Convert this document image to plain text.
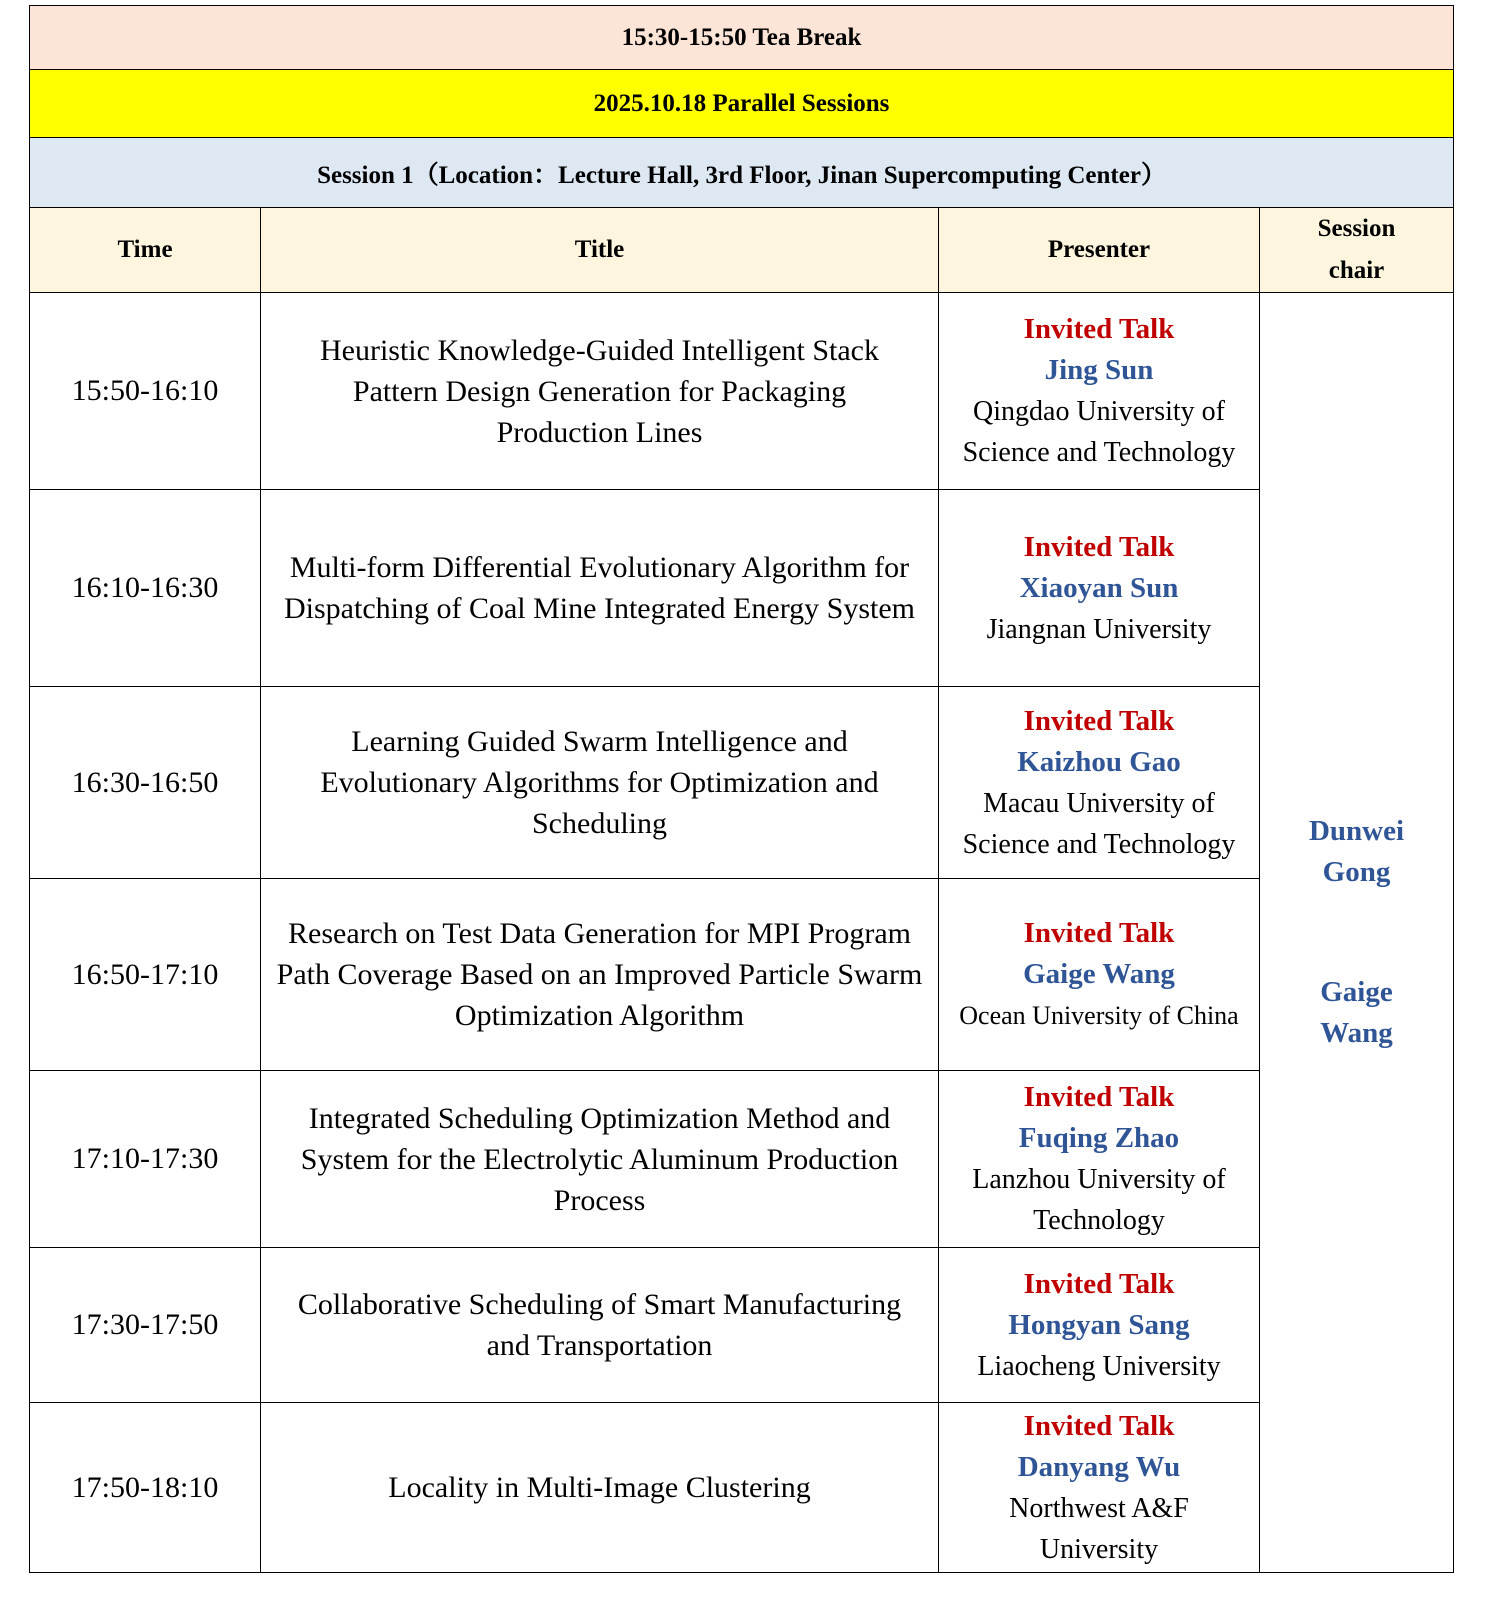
15:30-15:50 Tea Break			
2025.10.18 Parallel Sessions			
Session 1（Location：Lecture Hall, 3rd Floor, Jinan Supercomputing Center）			
Time	Title	Presenter	Session
chair

15:50-16:10	Heuristic Knowledge-Guided Intelligent Stack Pattern Design Generation for Packaging Production Lines	Invited Talk
Jing Sun
Qingdao University of Science and Technology	Dunwei
Gong
Gaige
Wang

16:10-16:30	Multi-form Differential Evolutionary Algorithm for Dispatching of Coal Mine Integrated Energy System	Invited Talk
Xiaoyan Sun
Jiangnan University	

16:30-16:50	Learning Guided Swarm Intelligence and Evolutionary Algorithms for Optimization and Scheduling	Invited Talk
Kaizhou Gao
Macau University of Science and Technology	

16:50-17:10	Research on Test Data Generation for MPI Program Path Coverage Based on an Improved Particle Swarm Optimization Algorithm	Invited Talk
Gaige Wang
Ocean University of China	

17:10-17:30	Integrated Scheduling Optimization Method and System for the Electrolytic Aluminum Production Process	Invited Talk
Fuqing Zhao
Lanzhou University of Technology	

17:30-17:50	Collaborative Scheduling of Smart Manufacturing and Transportation	Invited Talk
Hongyan Sang
Liaocheng University	

17:50-18:10	Locality in Multi-Image Clustering	Invited Talk
Danyang Wu
Northwest A&F University	
